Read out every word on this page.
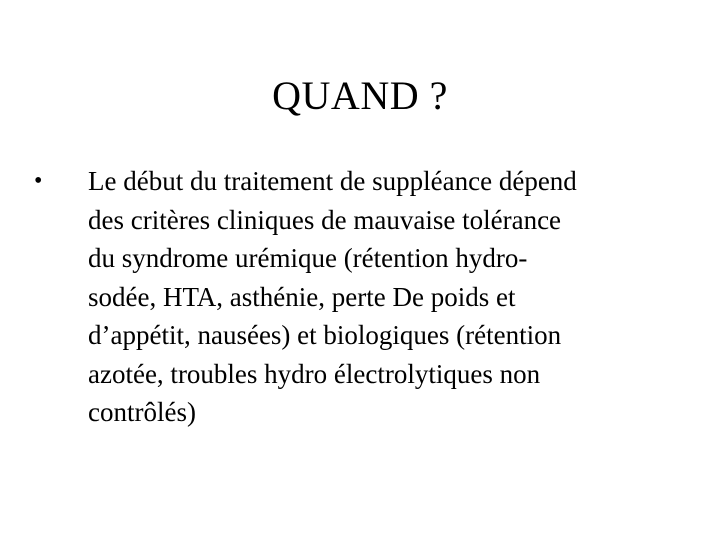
QUAND ?
• Le début du traitement de suppléance dépend
des critères cliniques de mauvaise tolérance
du syndrome urémique (rétention hydro-
sodée, HTA, asthénie, perte De poids et
d’appétit, nausées) et biologiques (rétention
azotée, troubles hydro électrolytiques non
contrôlés)
